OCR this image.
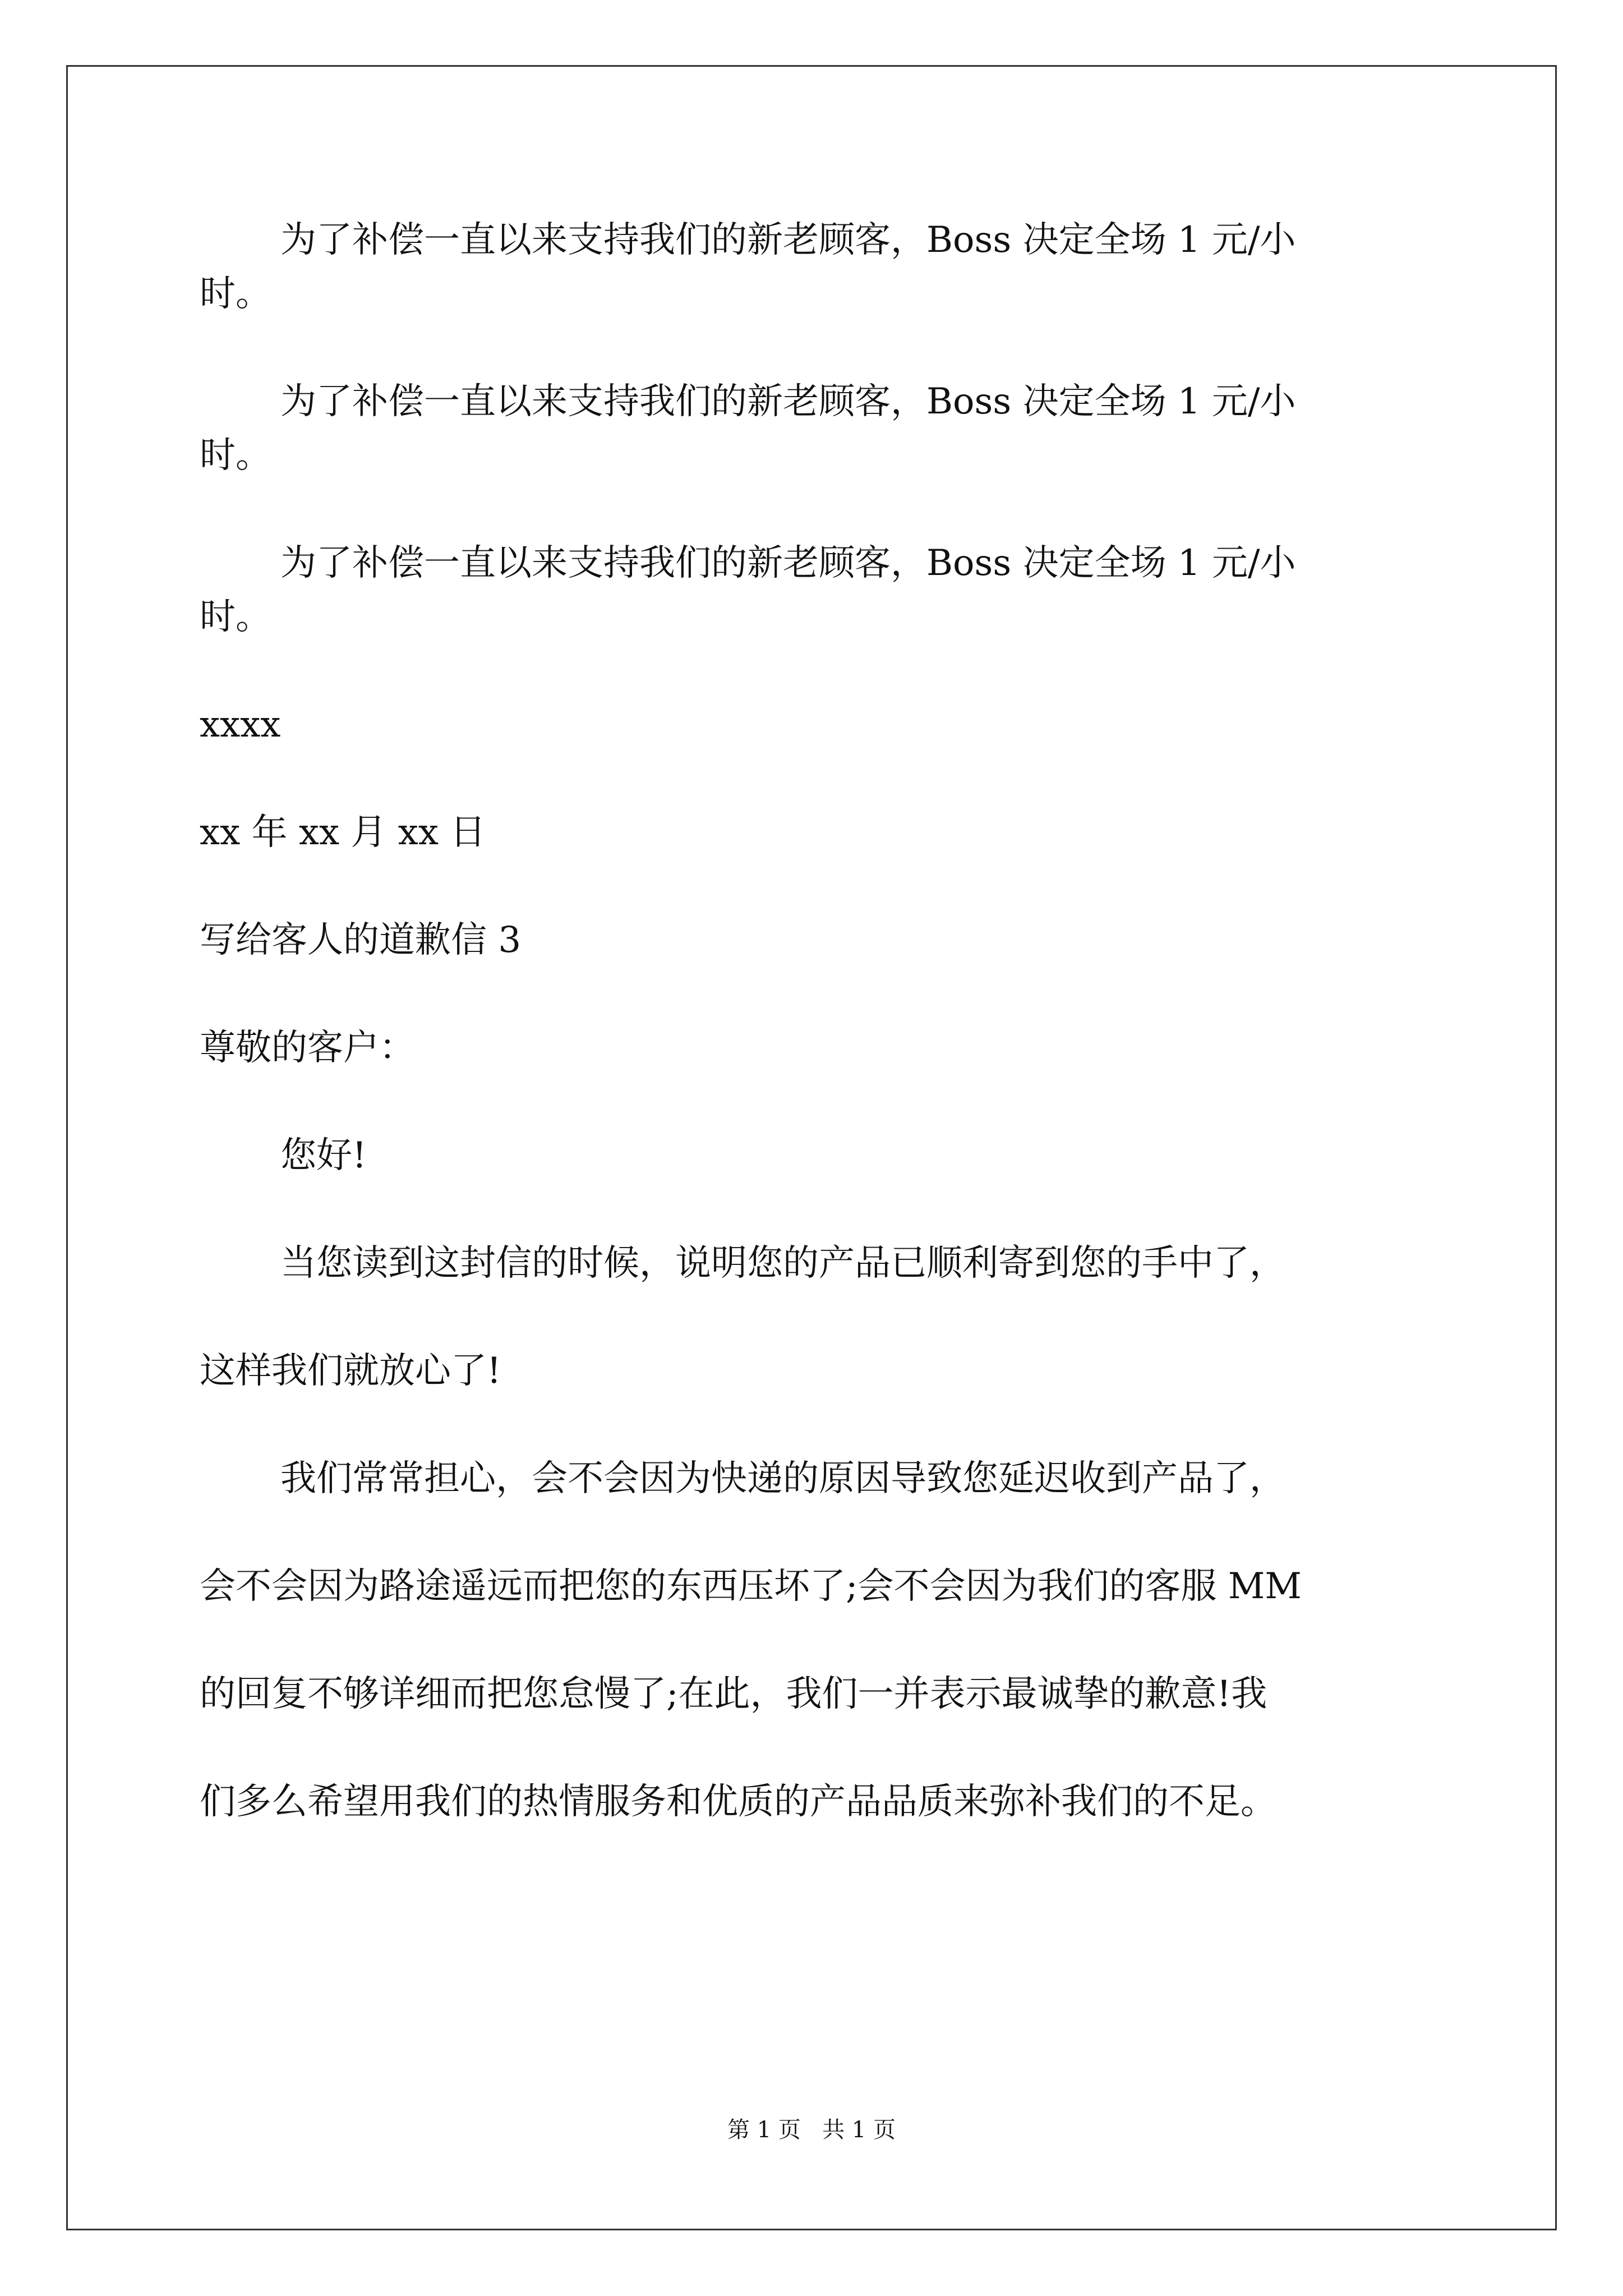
为了补偿一直以来支持我们的新老顾客，Boss 决定全场 1 元/小

时。

为了补偿一直以来支持我们的新老顾客，Boss 决定全场 1 元/小

时。

为了补偿一直以来支持我们的新老顾客，Boss 决定全场 1 元/小

时。

xxxx

xx 年 xx 月 xx 日

写给客人的道歉信 3

尊敬的客户：

您好!

当您读到这封信的时候，说明您的产品已顺利寄到您的手中了，

这样我们就放心了!

我们常常担心，会不会因为快递的原因导致您延迟收到产品了，

会不会因为路途遥远而把您的东西压坏了;会不会因为我们的客服 MM

的回复不够详细而把您怠慢了;在此，我们一并表示最诚挚的歉意!我

们多么希望用我们的热情服务和优质的产品品质来弥补我们的不足。

第 1 页   共 1 页
